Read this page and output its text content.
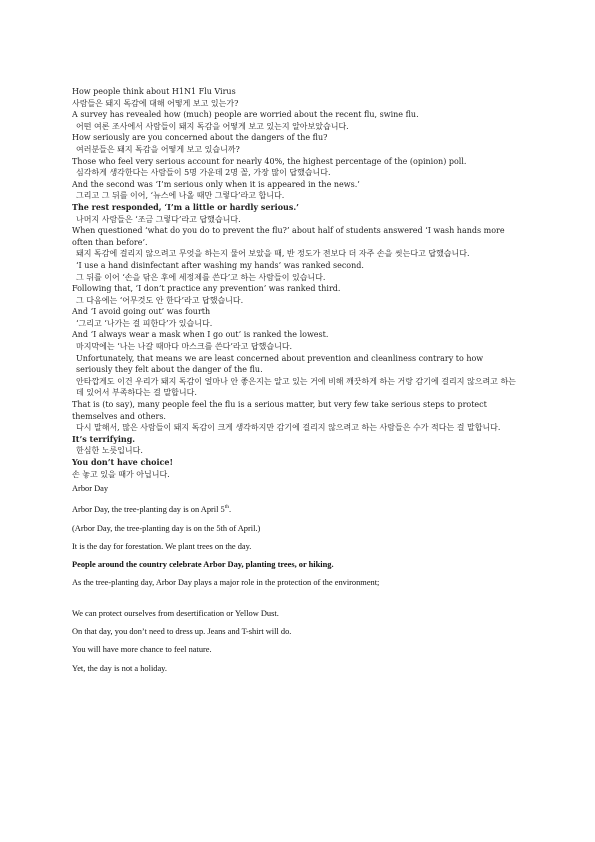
How people think about H1N1 Flu Virus
사람들은 돼지 독감에 대해 어떻게 보고 있는가?
A survey has revealed how (much) people are worried about the recent flu, swine flu.
어떤 여론 조사에서 사람들이 돼지 독감을 어떻게 보고 있는지 알아보았습니다.
How seriously are you concerned about the dangers of the flu?
여러분들은 돼지 독감을 어떻게 보고 있습니까?
Those who feel very serious account for nearly 40%, the highest percentage of the (opinion) poll.
심각하게 생각한다는 사람들이 5명 가운데 2명 꼴, 가장 많이 답했습니다.
And the second was ‘I’m serious only when it is appeared in the news.’
그리고 그 뒤를 이어, ‘뉴스에 나올 때만 그렇다’라고 합니다.
The rest responded, ‘I’m a little or hardly serious.’
나머지 사람들은 ‘조금 그렇다’라고 답했습니다.
When questioned ‘what do you do to prevent the flu?’ about half of students answered ‘I wash hands more often than before’.
돼지 독감에 걸리지 않으려고 무엇을 하는지 물어 보았을 때, 반 정도가 전보다 더 자주 손을 씻는다고 답했습니다.
‘I use a hand disinfectant after washing my hands’ was ranked second.
그 뒤를 이어 ‘손을 닦은 후에 세정제를 쓴다’고 하는 사람들이 있습니다.
Following that, ‘I don’t practice any prevention’ was ranked third.
그 다음에는 ‘어무것도 안 한다’라고 답했습니다.
And ‘I avoid going out’ was fourth
‘그리고 ‘나가는 걸 피한다’가 있습니다.
And ‘I always wear a mask when I go out’ is ranked the lowest.
마지막에는 ‘나는 나갈 때마다 마스크를 쓴다’라고 답했습니다.
Unfortunately, that means we are least concerned about prevention and cleanliness contrary to how seriously they felt about the danger of the flu.
안타깝게도 이건 우리가 돼지 독감이 얼마나 안 좋은지는 알고 있는 거에 비해 깨끗하게 하는 거랑 감기에 걸리지 않으려고 하는 데 있어서 부족하다는 걸 말합니다.
That is (to say), many people feel the flu is a serious matter, but very few take serious steps to protect themselves and others.
다시 말해서, 많은 사람들이 돼지 독감이 크게 생각하지만 감기에 걸리지 않으려고 하는 사람들은 수가 적다는 걸 말합니다.
It’s terrifying.
한심한 노릇입니다.
You don’t have choice!
손 놓고 있을 때가 아닙니다.
Arbor Day
Arbor Day, the tree-planting day is on April 5th.
(Arbor Day, the tree-planting day is on the 5th of April.)
It is the day for forestation. We plant trees on the day.
People around the country celebrate Arbor Day, planting trees, or hiking.
As the tree-planting day, Arbor Day plays a major role in the protection of the environment;
We can protect ourselves from desertification or Yellow Dust.
On that day, you don’t need to dress up. Jeans and T-shirt will do.
You will have more chance to feel nature.
Yet, the day is not a holiday.
